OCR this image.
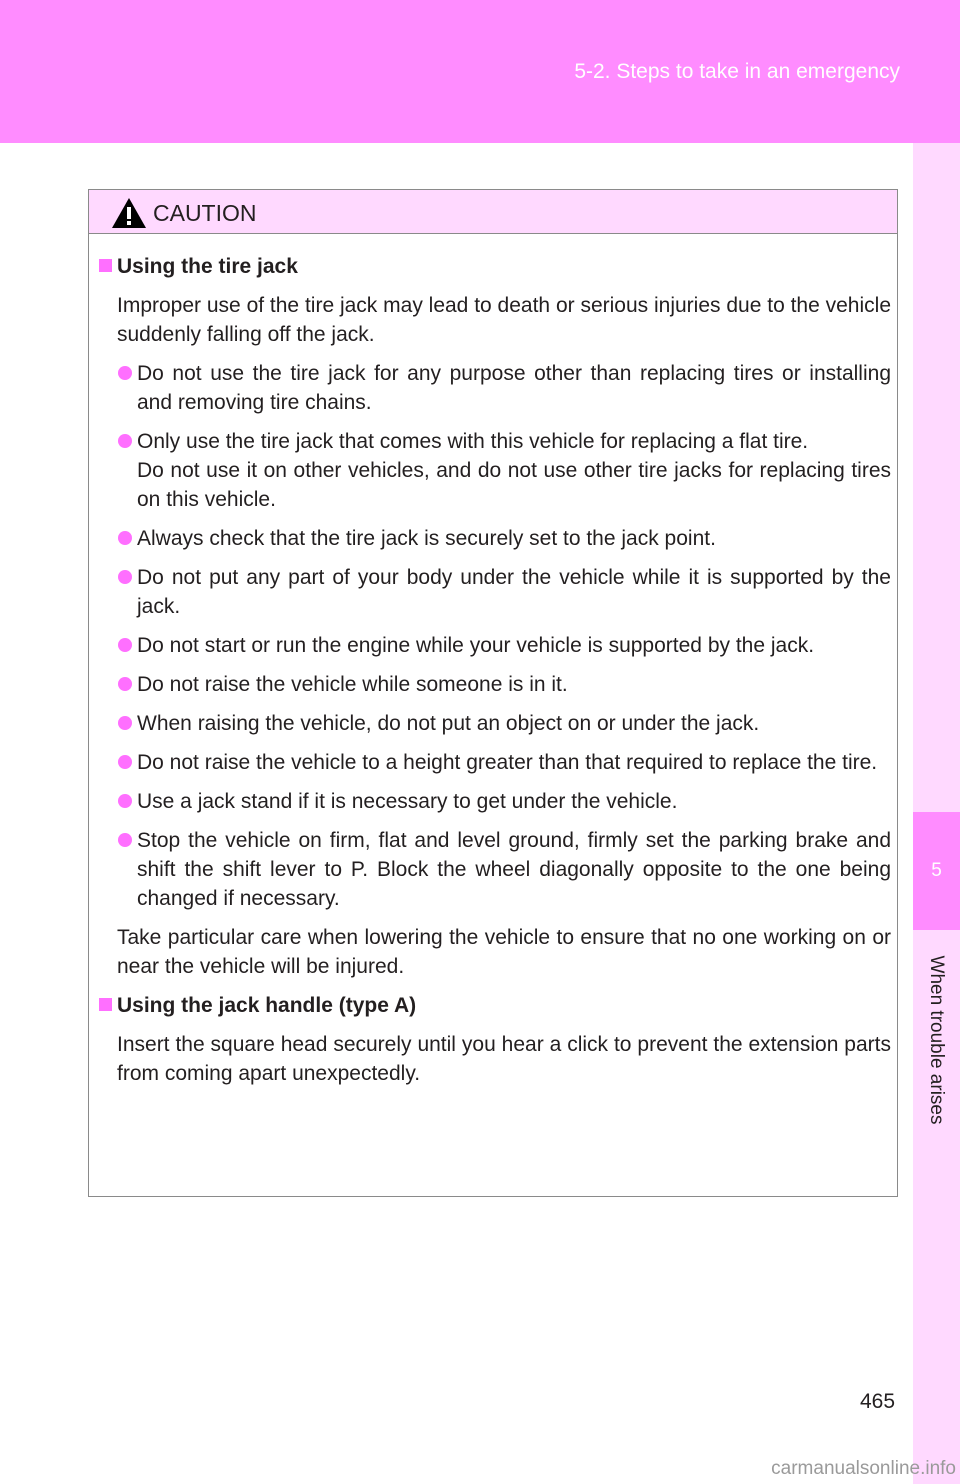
5-2. Steps to take in an emergency
5
When trouble arises
CAUTION
Using the tire jack
Improper use of the tire jack may lead to death or serious injuries due to the vehicle suddenly falling off the jack.
Do not use the tire jack for any purpose other than replacing tires or installing and removing tire chains.
Only use the tire jack that comes with this vehicle for replacing a flat tire.
Do not use it on other vehicles, and do not use other tire jacks for replacing tires on this vehicle.
Always check that the tire jack is securely set to the jack point.
Do not put any part of your body under the vehicle while it is supported by the jack.
Do not start or run the engine while your vehicle is supported by the jack.
Do not raise the vehicle while someone is in it.
When raising the vehicle, do not put an object on or under the jack.
Do not raise the vehicle to a height greater than that required to replace the tire.
Use a jack stand if it is necessary to get under the vehicle.
Stop the vehicle on firm, flat and level ground, firmly set the parking brake and shift the shift lever to P. Block the wheel diagonally opposite to the one being changed if necessary.
Take particular care when lowering the vehicle to ensure that no one working on or near the vehicle will be injured.
Using the jack handle (type A)
Insert the square head securely until you hear a click to prevent the extension parts from coming apart unexpectedly.
465
carmanualsonline.info
